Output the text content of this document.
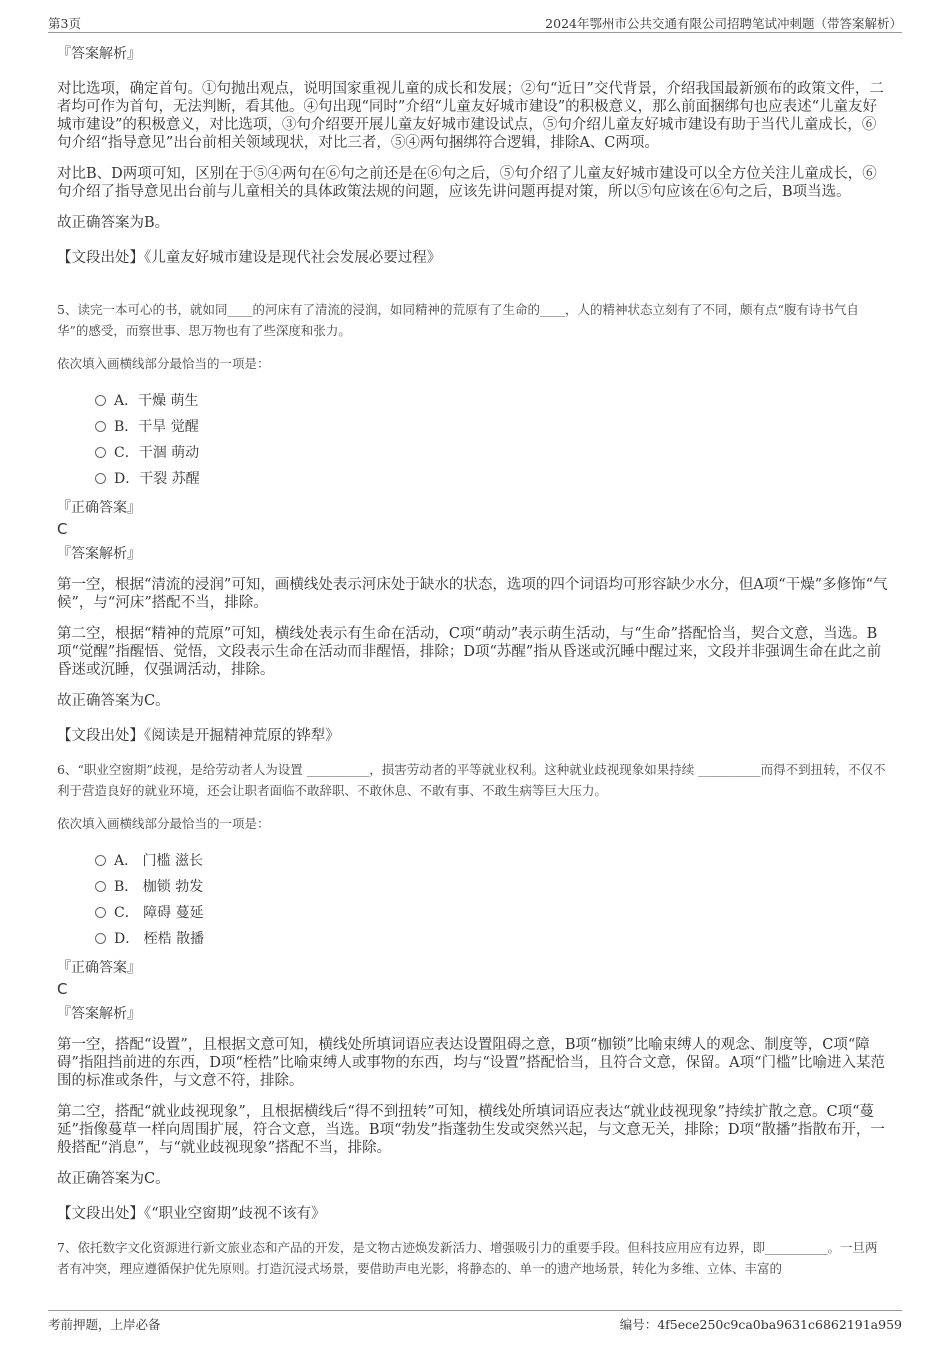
第3页	2024年鄂州市公共交通有限公司招聘笔试冲刺题（带答案解析）

『答案解析』

对比选项，确定首句。①句抛出观点，说明国家重视儿童的成长和发展；②句“近日”交代背景，介绍我国最新颁布的政策文件，二者均可作为首句，无法判断，看其他。④句出现“同时”介绍“儿童友好城市建设”的积极意义，那么前面捆绑句也应表述“儿童友好城市建设”的积极意义，对比选项，③句介绍要开展儿童友好城市建设试点，⑤句介绍儿童友好城市建设有助于当代儿童成长，⑥句介绍“指导意见”出台前相关领域现状，对比三者，⑤④两句捆绑符合逻辑，排除A、C两项。

对比B、D两项可知，区别在于⑤④两句在⑥句之前还是在⑥句之后，⑤句介绍了儿童友好城市建设可以全方位关注儿童成长，⑥句介绍了指导意见出台前与儿童相关的具体政策法规的问题，应该先讲问题再提对策，所以⑤句应该在⑥句之后，B项当选。

故正确答案为B。

【文段出处】《儿童友好城市建设是现代社会发展必要过程》

5、读完一本可心的书，就如同____的河床有了清流的浸润，如同精神的荒原有了生命的____，人的精神状态立刻有了不同，颇有点“腹有诗书气自华”的感受，而察世事、思万物也有了些深度和张力。

依次填入画横线部分最恰当的一项是：

A．干燥 萌生
B．干旱 觉醒
C．干涸 萌动
D．干裂 苏醒

『正确答案』

C

『答案解析』

第一空，根据“清流的浸润”可知，画横线处表示河床处于缺水的状态，选项的四个词语均可形容缺少水分，但A项“干燥”多修饰“气候”，与“河床”搭配不当，排除。

第二空，根据“精神的荒原”可知，横线处表示有生命在活动，C项“萌动”表示萌生活动，与“生命”搭配恰当，契合文意，当选。B项“觉醒”指醒悟、觉悟，文段表示生命在活动而非醒悟，排除；D项“苏醒”指从昏迷或沉睡中醒过来，文段并非强调生命在此之前昏迷或沉睡，仅强调活动，排除。

故正确答案为C。

【文段出处】《阅读是开掘精神荒原的铧犁》

6、“职业空窗期”歧视，是给劳动者人为设置 __________，损害劳动者的平等就业权利。这种就业歧视现象如果持续 __________而得不到扭转，不仅不利于营造良好的就业环境，还会让职者面临不敢辞职、不敢休息、不敢有事、不敢生病等巨大压力。

依次填入画横线部分最恰当的一项是：

A． 门槛 滋长
B． 枷锁 勃发
C． 障碍 蔓延
D． 桎梏 散播

『正确答案』

C

『答案解析』

第一空，搭配“设置”，且根据文意可知，横线处所填词语应表达设置阻碍之意，B项“枷锁”比喻束缚人的观念、制度等，C项“障碍”指阻挡前进的东西，D项“桎梏”比喻束缚人或事物的东西，均与“设置”搭配恰当，且符合文意，保留。A项“门槛”比喻进入某范围的标准或条件，与文意不符，排除。

第二空，搭配“就业歧视现象”，且根据横线后“得不到扭转”可知，横线处所填词语应表达“就业歧视现象”持续扩散之意。C项“蔓延”指像蔓草一样向周围扩展，符合文意，当选。B项“勃发”指蓬勃生发或突然兴起，与文意无关，排除；D项“散播”指散布开，一般搭配“消息”，与“就业歧视现象”搭配不当，排除。

故正确答案为C。

【文段出处】《“职业空窗期”歧视不该有》

7、依托数字文化资源进行新文旅业态和产品的开发，是文物古迹焕发新活力、增强吸引力的重要手段。但科技应用应有边界，即__________。一旦两者有冲突，理应遵循保护优先原则。打造沉浸式场景，要借助声电光影，将静态的、单一的遗产地场景，转化为多维、立体、丰富的

考前押题，上岸必备	编号：4f5ece250c9ca0ba9631c6862191a959
